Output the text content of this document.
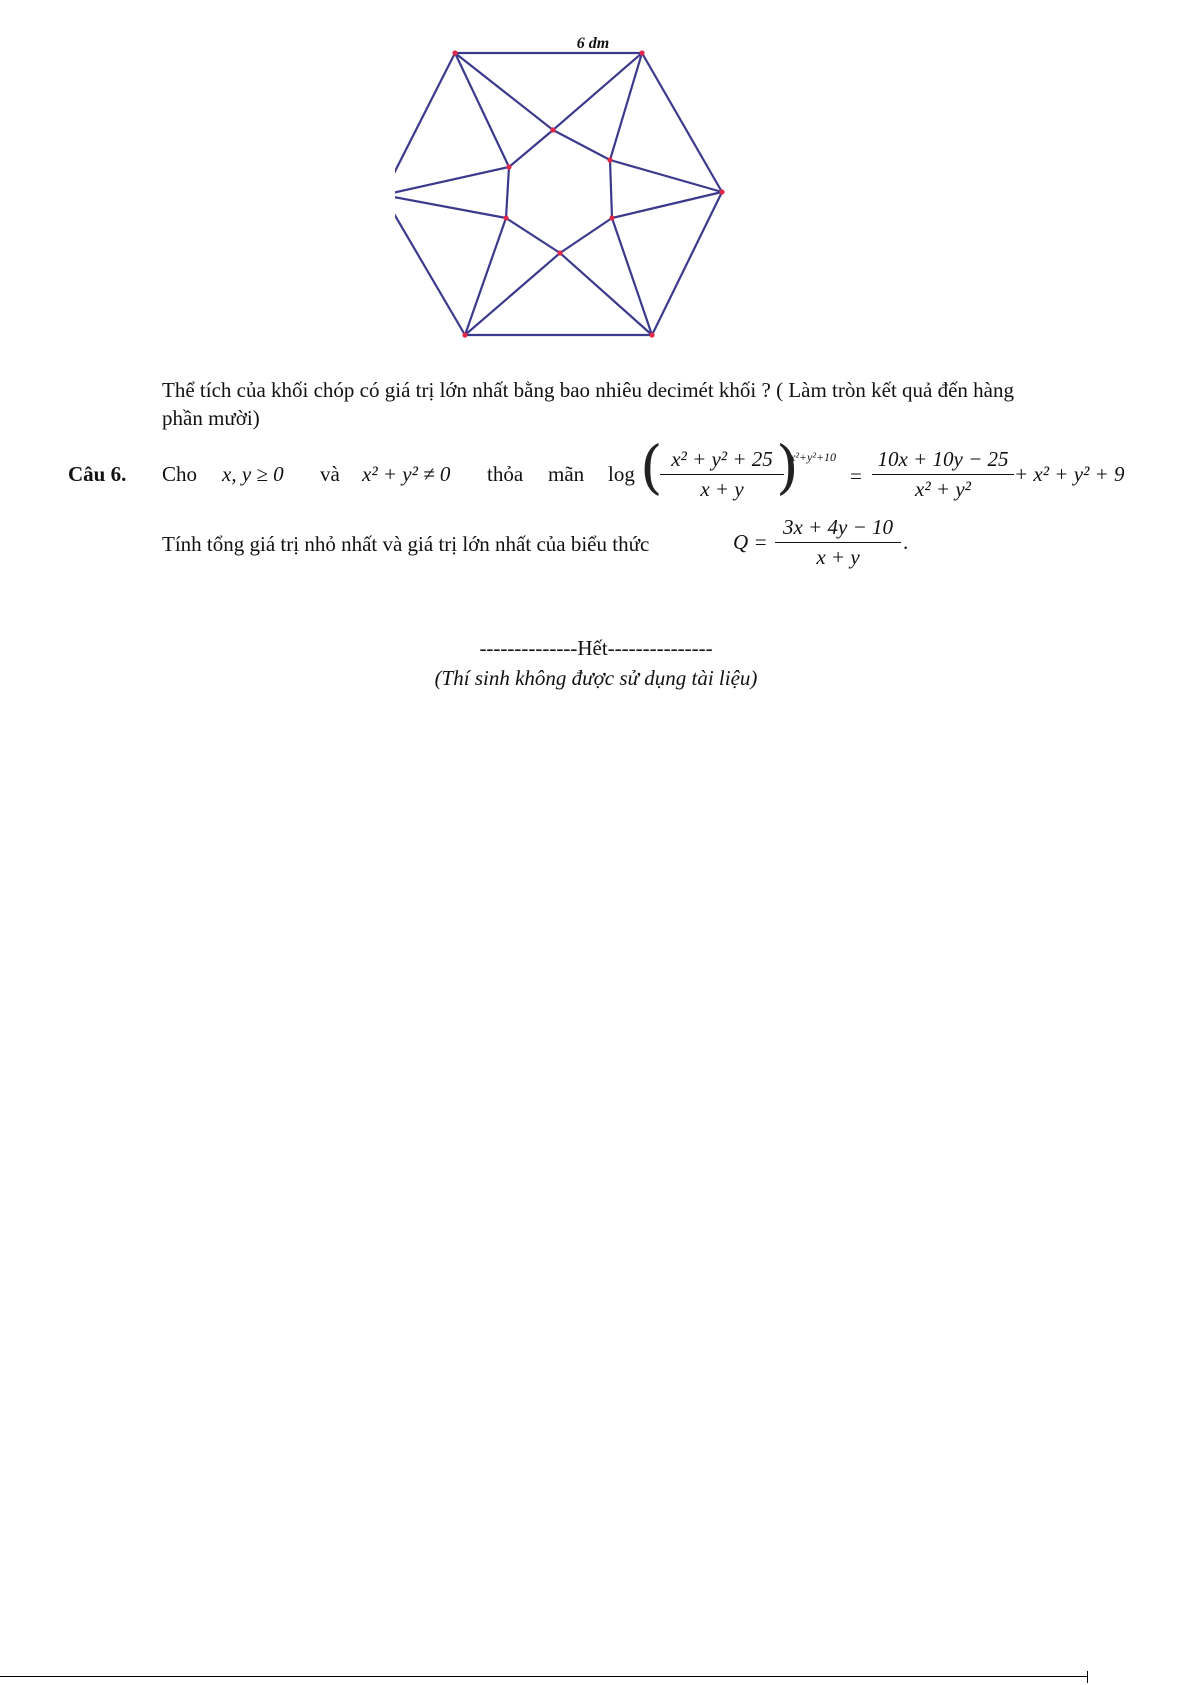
6 dm
Thể tích của khối chóp có giá trị lớn nhất bằng bao nhiêu decimét khối ? ( Làm tròn kết quả đến hàng
phần mười)
Câu 6. Cho x, y ≥ 0 và x² + y² ≠ 0 thỏa mãn log ( x² + y² + 25
x + y )
x²+y²+10
=
10x + 10y − 25
x² + y²
+ x² + y² + 9
Tính tổng giá trị nhỏ nhất và giá trị lớn nhất của biểu thức	Q =
3x + 4y − 10
x + y
.
--------------Hết---------------
(Thí sinh không được sử dụng tài liệu)
